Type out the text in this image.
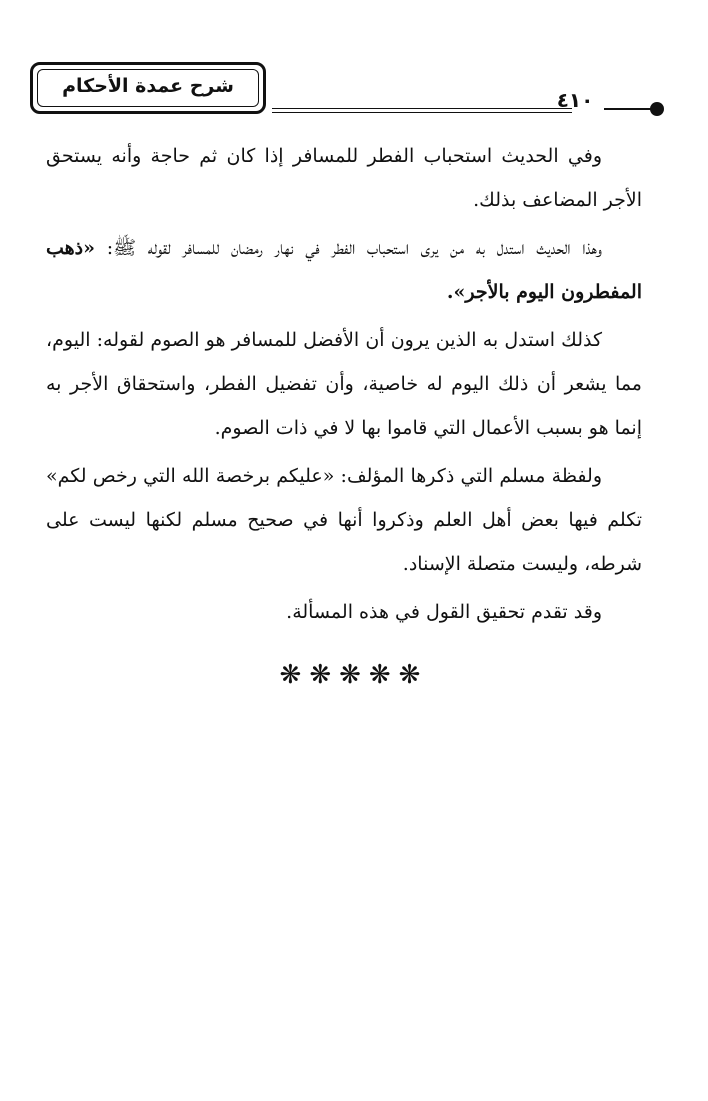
شرح عمدة الأحكام
٤١٠

وفي الحديث استحباب الفطر للمسافر إذا كان ثم حاجة وأنه يستحق الأجر المضاعف بذلك.

وهذا الحديث استدل به من يرى استحباب الفطر في نهار رمضان للمسافر لقوله ﷺ: «ذهب المفطرون اليوم بالأجر».

كذلك استدل به الذين يرون أن الأفضل للمسافر هو الصوم لقوله: اليوم، مما يشعر أن ذلك اليوم له خاصية، وأن تفضيل الفطر، واستحقاق الأجر به إنما هو بسبب الأعمال التي قاموا بها لا في ذات الصوم.

ولفظة مسلم التي ذكرها المؤلف: «عليكم برخصة الله التي رخص لكم» تكلم فيها بعض أهل العلم وذكروا أنها في صحيح مسلم لكنها ليست على شرطه، وليست متصلة الإسناد.

وقد تقدم تحقيق القول في هذه المسألة.

❋❋❋❋❋
